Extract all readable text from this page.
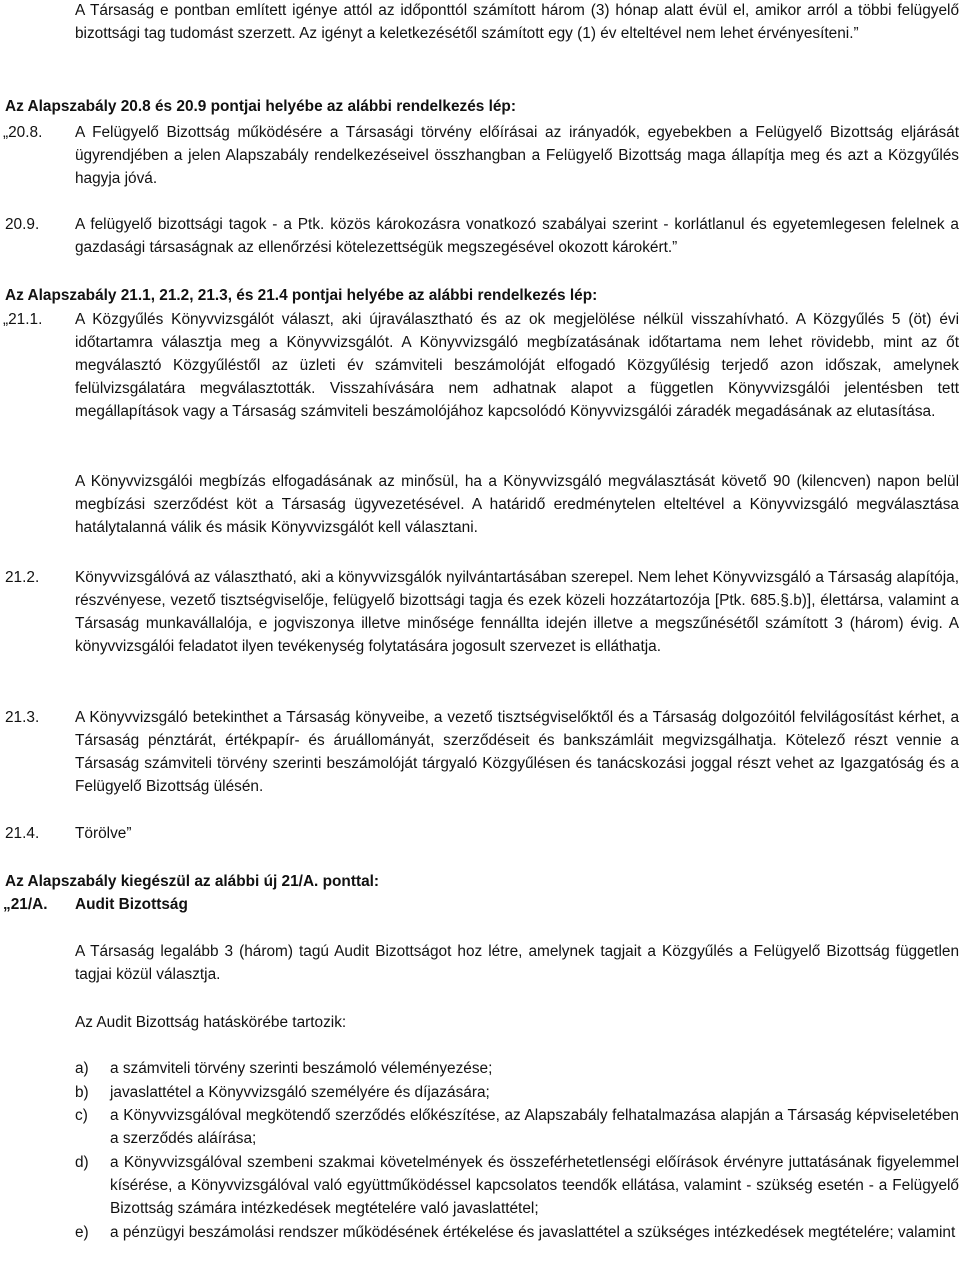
A Társaság e pontban említett igénye attól az időponttól számított három (3) hónap alatt évül el, amikor arról a többi felügyelő bizottsági tag tudomást szerzett. Az igényt a keletkezésétől számított egy (1) év elteltével nem lehet érvényesíteni.”
Az Alapszabály 20.8 és 20.9 pontjai helyébe az alábbi rendelkezés lép:
„20.8. A Felügyelő Bizottság működésére a Társasági törvény előírásai az irányadók, egyebekben a Felügyelő Bizottság eljárását ügyrendjében a jelen Alapszabály rendelkezéseivel összhangban a Felügyelő Bizottság maga állapítja meg és azt a Közgyűlés hagyja jóvá.
20.9. A felügyelő bizottsági tagok - a Ptk. közös károkozásra vonatkozó szabályai szerint - korlátlanul és egyetemlegesen felelnek a gazdasági társaságnak az ellenőrzési kötelezettségük megszegésével okozott károkért.”
Az Alapszabály 21.1, 21.2, 21.3, és 21.4 pontjai helyébe az alábbi rendelkezés lép:
„21.1. A Közgyűlés Könyvvizsgálót választ, aki újraválasztható és az ok megjelölése nélkül visszahívható. A Közgyűlés 5 (öt) évi időtartamra választja meg a Könyvvizsgálót. A Könyvvizsgáló megbízatásának időtartama nem lehet rövidebb, mint az őt megválasztó Közgyűléstől az üzleti év számviteli beszámolóját elfogadó Közgyűlésig terjedő azon időszak, amelynek felülvizsgálatára megválasztották. Visszahívására nem adhatnak alapot a független Könyvvizsgálói jelentésben tett megállapítások vagy a Társaság számviteli beszámolójához kapcsolódó Könyvvizsgálói záradék megadásának az elutasítása.
A Könyvvizsgálói megbízás elfogadásának az minősül, ha a Könyvvizsgáló megválasztását követő 90 (kilencven) napon belül megbízási szerződést köt a Társaság ügyvezetésével. A határidő eredménytelen elteltével a Könyvvizsgáló megválasztása hatálytalanná válik és másik Könyvvizsgálót kell választani.
21.2. Könyvvizsgálóvá az választható, aki a könyvvizsgálók nyilvántartásában szerepel. Nem lehet Könyvvizsgáló a Társaság alapítója, részvényese, vezető tisztségviselője, felügyelő bizottsági tagja és ezek közeli hozzátartozója [Ptk. 685.§.b)], élettársa, valamint a Társaság munkavállalója, e jogviszonya illetve minősége fennállta idején illetve a megszűnésétől számított 3 (három) évig. A könyvvizsgálói feladatot ilyen tevékenység folytatására jogosult szervezet is elláthatja.
21.3. A Könyvvizsgáló betekinthet a Társaság könyveibe, a vezető tisztségviselőktől és a Társaság dolgozóitól felvilágosítást kérhet, a Társaság pénztárát, értékpapír- és áruállományát, szerződéseit és bankszámláit megvizsgálhatja. Kötelező részt vennie a Társaság számviteli törvény szerinti beszámolóját tárgyaló Közgyűlésen és tanácskozási joggal részt vehet az Igazgatóság és a Felügyelő Bizottság ülésén.
21.4. Törölve”
Az Alapszabály kiegészül az alábbi új 21/A. ponttal:
„21/A. Audit Bizottság
A Társaság legalább 3 (három) tagú Audit Bizottságot hoz létre, amelynek tagjait a Közgyűlés a Felügyelő Bizottság független tagjai közül választja.
Az Audit Bizottság hatáskörébe tartozik:
a) a számviteli törvény szerinti beszámoló véleményezése;
b) javaslattétel a Könyvvizsgáló személyére és díjazására;
c) a Könyvvizsgálóval megkötendő szerződés előkészítése, az Alapszabály felhatalmazása alapján a Társaság képviseletében a szerződés aláírása;
d) a Könyvvizsgálóval szembeni szakmai követelmények és összeférhetetlenségi előírások érvényre juttatásának figyelemmel kísérése, a Könyvvizsgálóval való együttműködéssel kapcsolatos teendők ellátása, valamint - szükség esetén - a Felügyelő Bizottság számára intézkedések megtételére való javaslattétel;
e) a pénzügyi beszámolási rendszer működésének értékelése és javaslattétel a szükséges intézkedések megtételére; valamint
